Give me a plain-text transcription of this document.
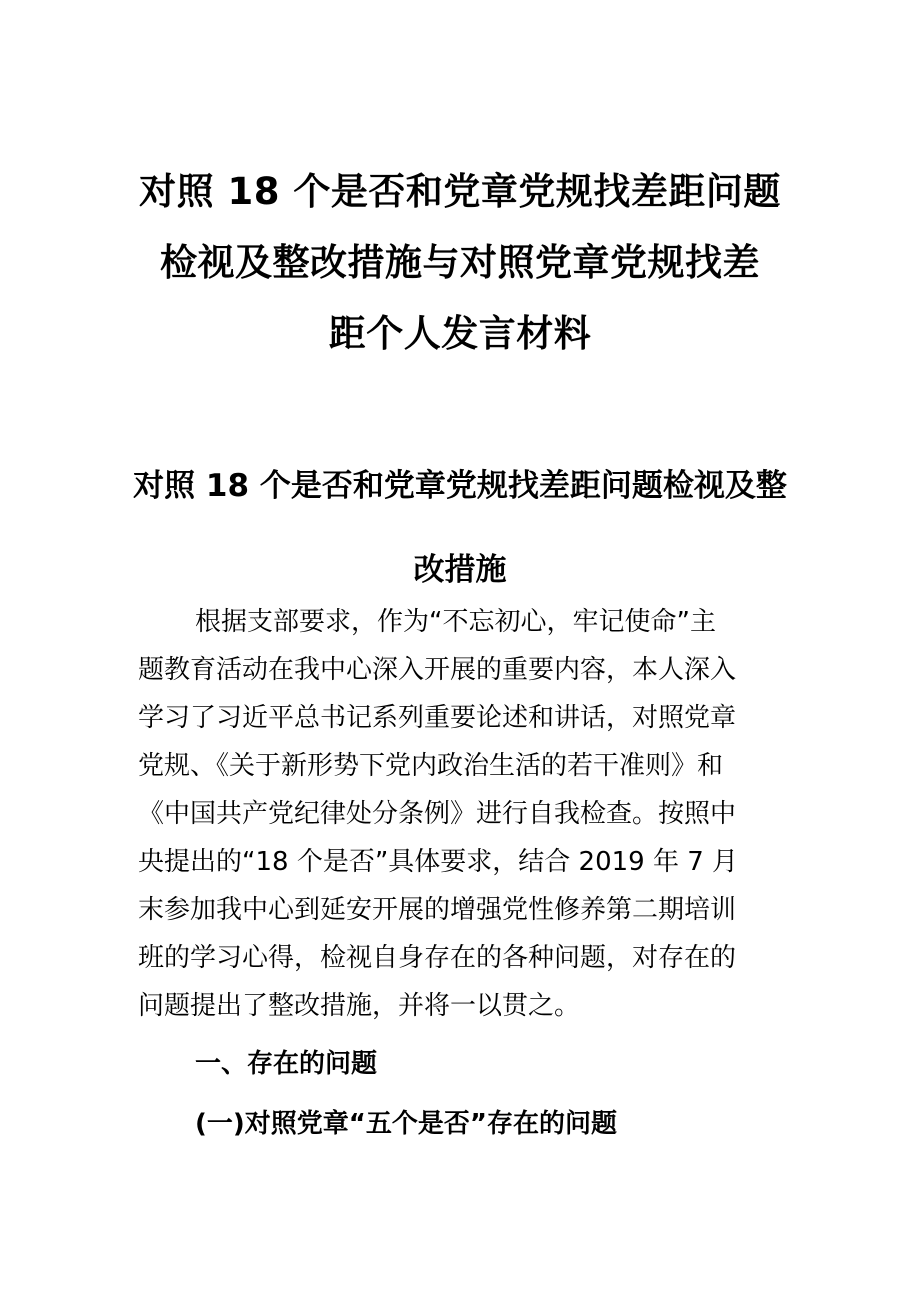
对照 18 个是否和党章党规找差距问题
检视及整改措施与对照党章党规找差
距个人发言材料
对照 18 个是否和党章党规找差距问题检视及整
改措施

根据支部要求，作为“不忘初心，牢记使命”主
题教育活动在我中心深入开展的重要内容，本人深入
学习了习近平总书记系列重要论述和讲话，对照党章
党规、《关于新形势下党内政治生活的若干准则》和
《中国共产党纪律处分条例》进行自我检查。按照中
央提出的“18 个是否”具体要求，结合 2019 年 7 月
末参加我中心到延安开展的增强党性修养第二期培训
班的学习心得，检视自身存在的各种问题，对存在的
问题提出了整改措施，并将一以贯之。

一、存在的问题
(一)对照党章“五个是否”存在的问题
